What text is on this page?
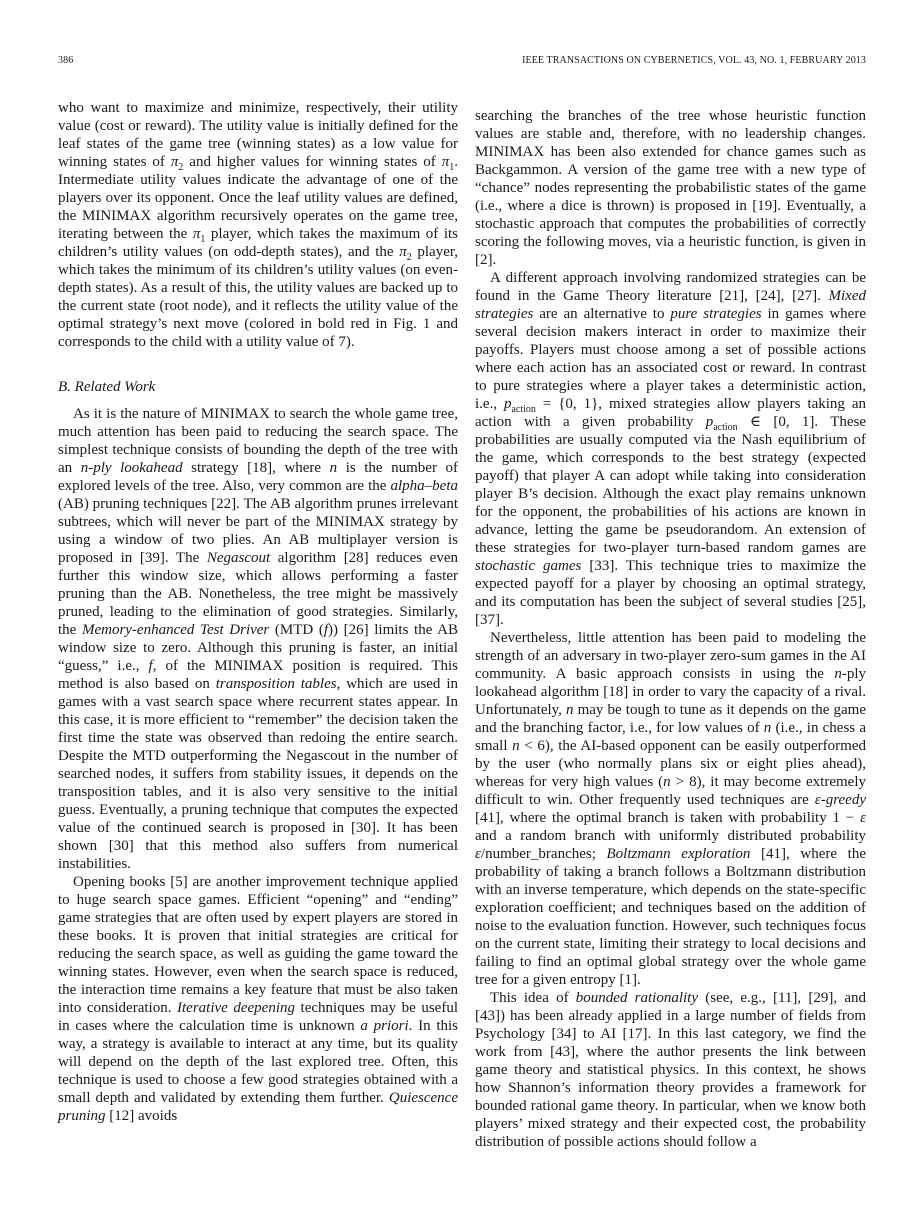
386	IEEE TRANSACTIONS ON CYBERNETICS, VOL. 43, NO. 1, FEBRUARY 2013

who want to maximize and minimize, respectively, their utility value (cost or reward). The utility value is initially defined for the leaf states of the game tree (winning states) as a low value for winning states of $\pi_2$ and higher values for winning states of $\pi_1$. Intermediate utility values indicate the advantage of one of the players over its opponent. Once the leaf utility values are defined, the MINIMAX algorithm recursively operates on the game tree, iterating between the $\pi_1$ player, which takes the maximum of its children’s utility values (on odd-depth states), and the $\pi_2$ player, which takes the minimum of its children’s utility values (on even-depth states). As a result of this, the utility values are backed up to the current state (root node), and it reflects the utility value of the optimal strategy’s next move (colored in bold red in Fig. 1 and corresponds to the child with a utility value of 7).

B. Related Work

As it is the nature of MINIMAX to search the whole game tree, much attention has been paid to reducing the search space. The simplest technique consists of bounding the depth of the tree with an n-ply lookahead strategy [18], where n is the number of explored levels of the tree. Also, very common are the alpha–beta (AB) pruning techniques [22]. The AB algorithm prunes irrelevant subtrees, which will never be part of the MINIMAX strategy by using a window of two plies. An AB multiplayer version is proposed in [39]. The Negascout algorithm [28] reduces even further this window size, which allows performing a faster pruning than the AB. Nonetheless, the tree might be massively pruned, leading to the elimination of good strategies. Similarly, the Memory-enhanced Test Driver (MTD (f)) [26] limits the AB window size to zero. Although this pruning is faster, an initial “guess,” i.e., f, of the MINIMAX position is required. This method is also based on transposition tables, which are used in games with a vast search space where recurrent states appear. In this case, it is more efficient to “remember” the decision taken the first time the state was observed than redoing the entire search. Despite the MTD outperforming the Negascout in the number of searched nodes, it suffers from stability issues, it depends on the transposition tables, and it is also very sensitive to the initial guess. Eventually, a pruning technique that computes the expected value of the continued search is proposed in [30]. It has been shown [30] that this method also suffers from numerical instabilities.

Opening books [5] are another improvement technique applied to huge search space games. Efficient “opening” and “ending” game strategies that are often used by expert players are stored in these books. It is proven that initial strategies are critical for reducing the search space, as well as guiding the game toward the winning states. However, even when the search space is reduced, the interaction time remains a key feature that must be also taken into consideration. Iterative deepening techniques may be useful in cases where the calculation time is unknown a priori. In this way, a strategy is available to interact at any time, but its quality will depend on the depth of the last explored tree. Often, this technique is used to choose a few good strategies obtained with a small depth and validated by extending them further. Quiescence pruning [12] avoids

searching the branches of the tree whose heuristic function values are stable and, therefore, with no leadership changes. MINIMAX has been also extended for chance games such as Backgammon. A version of the game tree with a new type of “chance” nodes representing the probabilistic states of the game (i.e., where a dice is thrown) is proposed in [19]. Eventually, a stochastic approach that computes the probabilities of correctly scoring the following moves, via a heuristic function, is given in [2].

A different approach involving randomized strategies can be found in the Game Theory literature [21], [24], [27]. Mixed strategies are an alternative to pure strategies in games where several decision makers interact in order to maximize their payoffs. Players must choose among a set of possible actions where each action has an associated cost or reward. In contrast to pure strategies where a player takes a deterministic action, i.e., $p_{action} = \{0$, 1}, mixed strategies allow players taking an action with a given probability $p_{action}$ ∈ [0, 1]. These probabilities are usually computed via the Nash equilibrium of the game, which corresponds to the best strategy (expected payoff) that player A can adopt while taking into consideration player B’s decision. Although the exact play remains unknown for the opponent, the probabilities of his actions are known in advance, letting the game be pseudorandom. An extension of these strategies for two-player turn-based random games are stochastic games [33]. This technique tries to maximize the expected payoff for a player by choosing an optimal strategy, and its computation has been the subject of several studies [25], [37].

Nevertheless, little attention has been paid to modeling the strength of an adversary in two-player zero-sum games in the AI community. A basic approach consists in using the n-ply lookahead algorithm [18] in order to vary the capacity of a rival. Unfortunately, n may be tough to tune as it depends on the game and the branching factor, i.e., for low values of n (i.e., in chess a small n < 6), the AI-based opponent can be easily outperformed by the user (who normally plans six or eight plies ahead), whereas for very high values (n > 8), it may become extremely difficult to win. Other frequently used techniques are ε-greedy [41], where the optimal branch is taken with probability 1 − ε and a random branch with uniformly distributed probability ε/number_branches; Boltzmann exploration [41], where the probability of taking a branch follows a Boltzmann distribution with an inverse temperature, which depends on the state-specific exploration coefficient; and techniques based on the addition of noise to the evaluation function. However, such techniques focus on the current state, limiting their strategy to local decisions and failing to find an optimal global strategy over the whole game tree for a given entropy [1].

This idea of bounded rationality (see, e.g., [11], [29], and [43]) has been already applied in a large number of fields from Psychology [34] to AI [17]. In this last category, we find the work from [43], where the author presents the link between game theory and statistical physics. In this context, he shows how Shannon’s information theory provides a framework for bounded rational game theory. In particular, when we know both players’ mixed strategy and their expected cost, the probability distribution of possible actions should follow a
